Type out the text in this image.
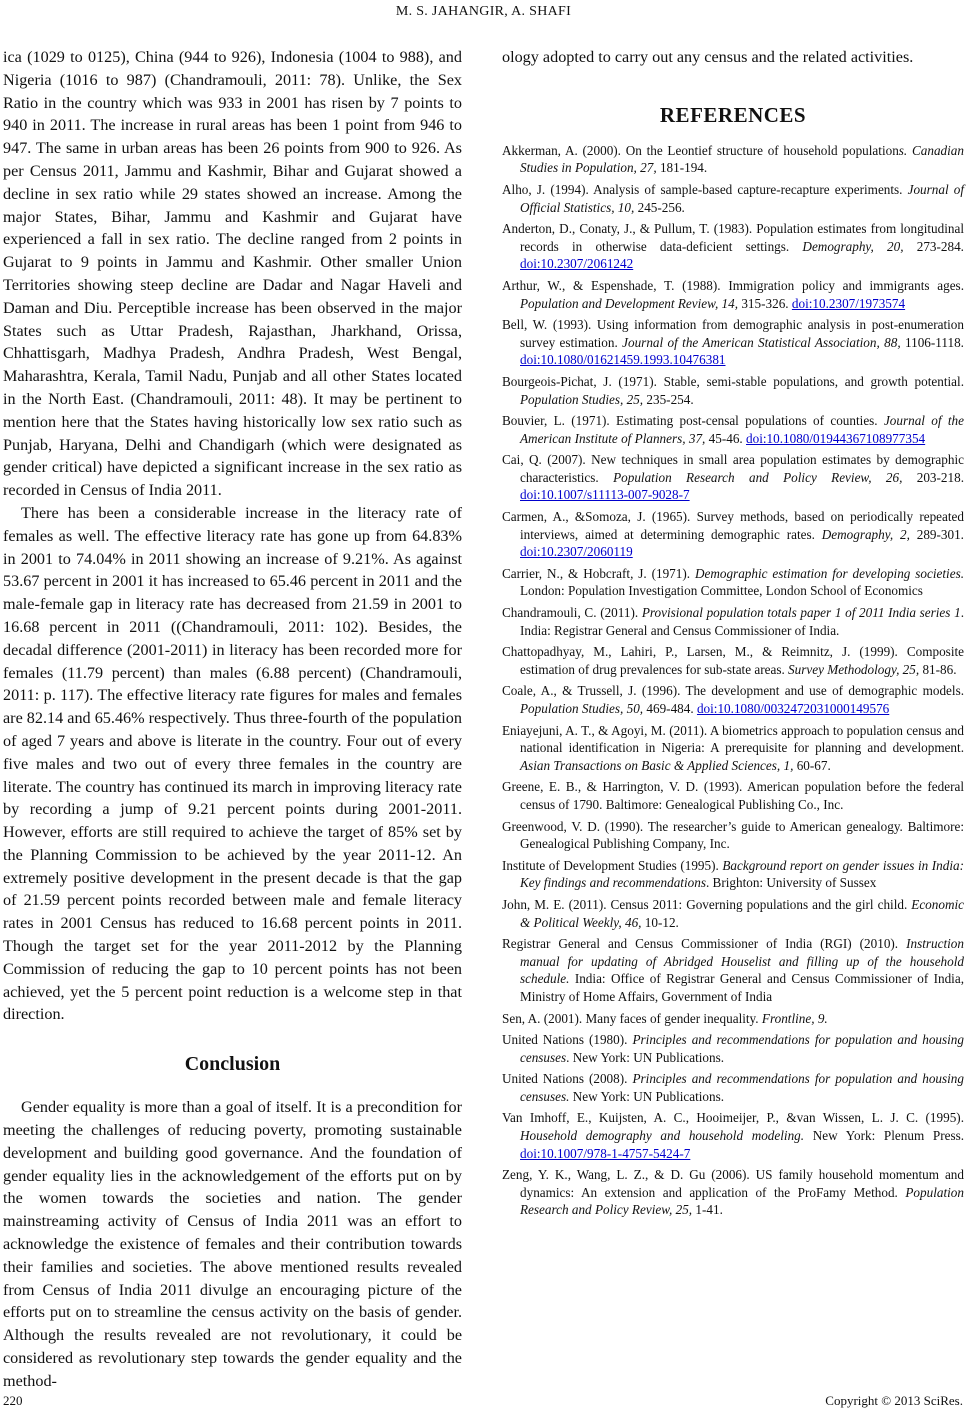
M. S. JAHANGIR, A. SHAFI

ica (1029 to 0125), China (944 to 926), Indonesia (1004 to 988), and Nigeria (1016 to 987) (Chandramouli, 2011: 78). Unlike, the Sex Ratio in the country which was 933 in 2001 has risen by 7 points to 940 in 2011. The increase in rural areas has been 1 point from 946 to 947. The same in urban areas has been 26 points from 900 to 926. As per Census 2011, Jammu and Kashmir, Bihar and Gujarat showed a decline in sex ratio while 29 states showed an increase. Among the major States, Bihar, Jammu and Kashmir and Gujarat have experienced a fall in sex ratio. The decline ranged from 2 points in Gujarat to 9 points in Jammu and Kashmir. Other smaller Union Territories showing steep decline are Dadar and Nagar Haveli and Daman and Diu. Perceptible increase has been observed in the major States such as Uttar Pradesh, Rajasthan, Jharkhand, Orissa, Chhattisgarh, Madhya Pradesh, Andhra Pradesh, West Bengal, Maharashtra, Kerala, Tamil Nadu, Punjab and all other States located in the North East. (Chandramouli, 2011: 48). It may be pertinent to mention here that the States having historically low sex ratio such as Punjab, Haryana, Delhi and Chandigarh (which were designated as gender critical) have depicted a significant increase in the sex ratio as recorded in Census of India 2011.

There has been a considerable increase in the literacy rate of females as well. The effective literacy rate has gone up from 64.83% in 2001 to 74.04% in 2011 showing an increase of 9.21%. As against 53.67 percent in 2001 it has increased to 65.46 percent in 2011 and the male-female gap in literacy rate has decreased from 21.59 in 2001 to 16.68 percent in 2011 ((Chandramouli, 2011: 102). Besides, the decadal difference (2001-2011) in literacy has been recorded more for females (11.79 percent) than males (6.88 percent) (Chandramouli, 2011: p. 117). The effective literacy rate figures for males and females are 82.14 and 65.46% respectively. Thus three-fourth of the population of aged 7 years and above is literate in the country. Four out of every five males and two out of every three females in the country are literate. The country has continued its march in improving literacy rate by recording a jump of 9.21 percent points during 2001-2011. However, efforts are still required to achieve the target of 85% set by the Planning Commission to be achieved by the year 2011-12. An extremely positive development in the present decade is that the gap of 21.59 percent points recorded between male and female literacy rates in 2001 Census has reduced to 16.68 percent points in 2011. Though the target set for the year 2011-2012 by the Planning Commission of reducing the gap to 10 percent points has not been achieved, yet the 5 percent point reduction is a welcome step in that direction.

Conclusion

Gender equality is more than a goal of itself. It is a precondition for meeting the challenges of reducing poverty, promoting sustainable development and building good governance. And the foundation of gender equality lies in the acknowledgement of the efforts put on by the women towards the societies and nation. The gender mainstreaming activity of Census of India 2011 was an effort to acknowledge the existence of females and their contribution towards their families and societies. The above mentioned results revealed from Census of India 2011 divulge an encouraging picture of the efforts put on to streamline the census activity on the basis of gender. Although the results revealed are not revolutionary, it could be considered as revolutionary step towards the gender equality and the method-

ology adopted to carry out any census and the related activities.

REFERENCES

Akkerman, A. (2000). On the Leontief structure of household populations. Canadian Studies in Population, 27, 181-194.

Alho, J. (1994). Analysis of sample-based capture-recapture experiments. Journal of Official Statistics, 10, 245-256.

Anderton, D., Conaty, J., & Pullum, T. (1983). Population estimates from longitudinal records in otherwise data-deficient settings. Demography, 20, 273-284. doi:10.2307/2061242

Arthur, W., & Espenshade, T. (1988). Immigration policy and immigrants ages. Population and Development Review, 14, 315-326. doi:10.2307/1973574

Bell, W. (1993). Using information from demographic analysis in post-enumeration survey estimation. Journal of the American Statistical Association, 88, 1106-1118. doi:10.1080/01621459.1993.10476381

Bourgeois-Pichat, J. (1971). Stable, semi-stable populations, and growth potential. Population Studies, 25, 235-254.

Bouvier, L. (1971). Estimating post-censal populations of counties. Journal of the American Institute of Planners, 37, 45-46. doi:10.1080/01944367108977354

Cai, Q. (2007). New techniques in small area population estimates by demographic characteristics. Population Research and Policy Review, 26, 203-218. doi:10.1007/s11113-007-9028-7

Carmen, A., &Somoza, J. (1965). Survey methods, based on periodically repeated interviews, aimed at determining demographic rates. Demography, 2, 289-301. doi:10.2307/2060119

Carrier, N., & Hobcraft, J. (1971). Demographic estimation for developing societies. London: Population Investigation Committee, London School of Economics

Chandramouli, C. (2011). Provisional population totals paper 1 of 2011 India series 1. India: Registrar General and Census Commissioner of India.

Chattopadhyay, M., Lahiri, P., Larsen, M., & Reimnitz, J. (1999). Composite estimation of drug prevalences for sub-state areas. Survey Methodology, 25, 81-86.

Coale, A., & Trussell, J. (1996). The development and use of demographic models. Population Studies, 50, 469-484. doi:10.1080/0032472031000149576

Eniayejuni, A. T., & Agoyi, M. (2011). A biometrics approach to population census and national identification in Nigeria: A prerequisite for planning and development. Asian Transactions on Basic & Applied Sciences, 1, 60-67.

Greene, E. B., & Harrington, V. D. (1993). American population before the federal census of 1790. Baltimore: Genealogical Publishing Co., Inc.

Greenwood, V. D. (1990). The researcher’s guide to American genealogy. Baltimore: Genealogical Publishing Company, Inc.

Institute of Development Studies (1995). Background report on gender issues in India: Key findings and recommendations. Brighton: University of Sussex

John, M. E. (2011). Census 2011: Governing populations and the girl child. Economic & Political Weekly, 46, 10-12.

Registrar General and Census Commissioner of India (RGI) (2010). Instruction manual for updating of Abridged Houselist and filling up of the household schedule. India: Office of Registrar General and Census Commissioner of India, Ministry of Home Affairs, Government of India

Sen, A. (2001). Many faces of gender inequality. Frontline, 9.

United Nations (1980). Principles and recommendations for population and housing censuses. New York: UN Publications.

United Nations (2008). Principles and recommendations for population and housing censuses. New York: UN Publications.

Van Imhoff, E., Kuijsten, A. C., Hooimeijer, P., &van Wissen, L. J. C. (1995). Household demography and household modeling. New York: Plenum Press. doi:10.1007/978-1-4757-5424-7

Zeng, Y. K., Wang, L. Z., & D. Gu (2006). US family household momentum and dynamics: An extension and application of the ProFamy Method. Population Research and Policy Review, 25, 1-41.

220	Copyright © 2013 SciRes.
